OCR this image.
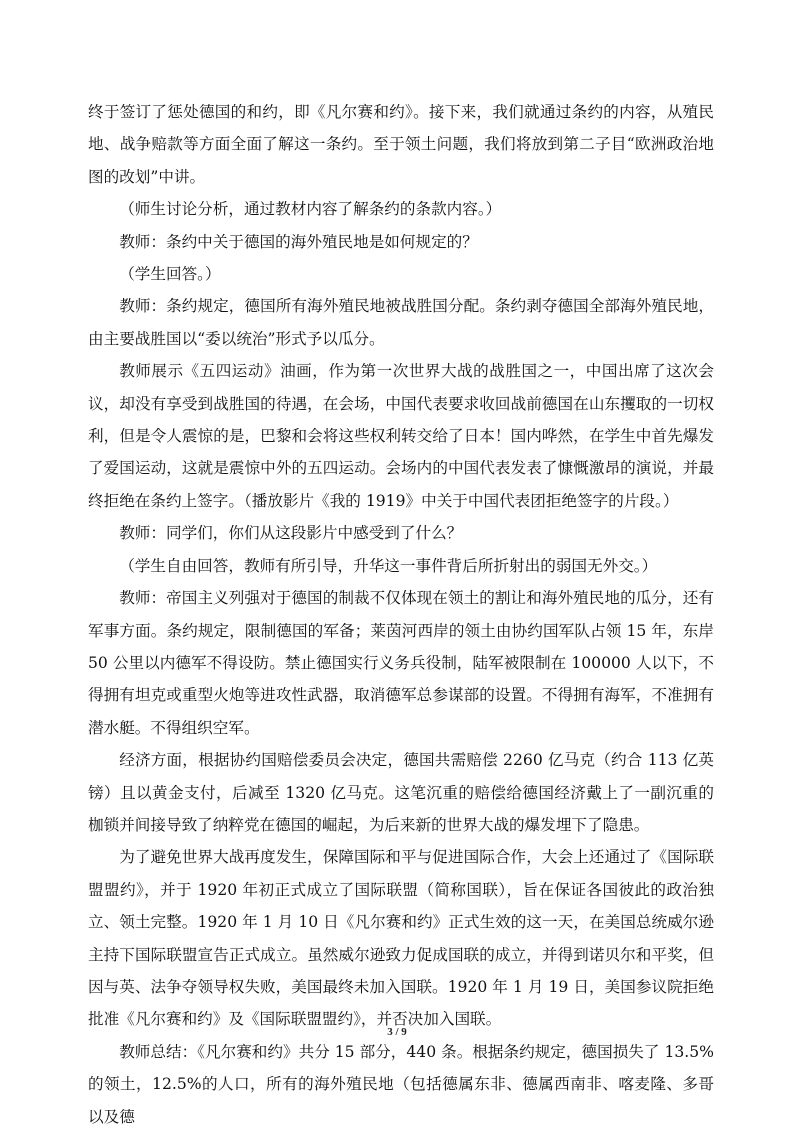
终于签订了惩处德国的和约，即《凡尔赛和约》。接下来，我们就通过条约的内容，从殖民地、战争赔款等方面全面了解这一条约。至于领土问题，我们将放到第二子目“欧洲政治地图的改划”中讲。

（师生讨论分析，通过教材内容了解条约的条款内容。）

教师：条约中关于德国的海外殖民地是如何规定的？

（学生回答。）

教师：条约规定，德国所有海外殖民地被战胜国分配。条约剥夺德国全部海外殖民地，由主要战胜国以“委以统治”形式予以瓜分。

教师展示《五四运动》油画，作为第一次世界大战的战胜国之一，中国出席了这次会议，却没有享受到战胜国的待遇，在会场，中国代表要求收回战前德国在山东攫取的一切权利，但是令人震惊的是，巴黎和会将这些权利转交给了日本！国内哗然，在学生中首先爆发了爱国运动，这就是震惊中外的五四运动。会场内的中国代表发表了慷慨激昂的演说，并最终拒绝在条约上签字。（播放影片《我的 1919》中关于中国代表团拒绝签字的片段。）

教师：同学们，你们从这段影片中感受到了什么？

（学生自由回答，教师有所引导，升华这一事件背后所折射出的弱国无外交。）

教师：帝国主义列强对于德国的制裁不仅体现在领土的割让和海外殖民地的瓜分，还有军事方面。条约规定，限制德国的军备；莱茵河西岸的领土由协约国军队占领 15 年，东岸 50 公里以内德军不得设防。禁止德国实行义务兵役制，陆军被限制在 100000 人以下，不得拥有坦克或重型火炮等进攻性武器，取消德军总参谋部的设置。不得拥有海军，不准拥有潜水艇。不得组织空军。

经济方面，根据协约国赔偿委员会决定，德国共需赔偿 2260 亿马克（约合 113 亿英镑）且以黄金支付，后减至 1320 亿马克。这笔沉重的赔偿给德国经济戴上了一副沉重的枷锁并间接导致了纳粹党在德国的崛起，为后来新的世界大战的爆发埋下了隐患。

为了避免世界大战再度发生，保障国际和平与促进国际合作，大会上还通过了《国际联盟盟约》，并于 1920 年初正式成立了国际联盟（简称国联），旨在保证各国彼此的政治独立、领土完整。1920 年 1 月 10 日《凡尔赛和约》正式生效的这一天，在美国总统威尔逊主持下国际联盟宣告正式成立。虽然威尔逊致力促成国联的成立，并得到诺贝尔和平奖，但因与英、法争夺领导权失败，美国最终未加入国联。1920 年 1 月 19 日，美国参议院拒绝批准《凡尔赛和约》及《国际联盟盟约》，并否决加入国联。

教师总结：《凡尔赛和约》共分 15 部分，440 条。根据条约规定，德国损失了 13.5%的领土，12.5%的人口，所有的海外殖民地（包括德属东非、德属西南非、喀麦隆、多哥以及德

3 / 9
